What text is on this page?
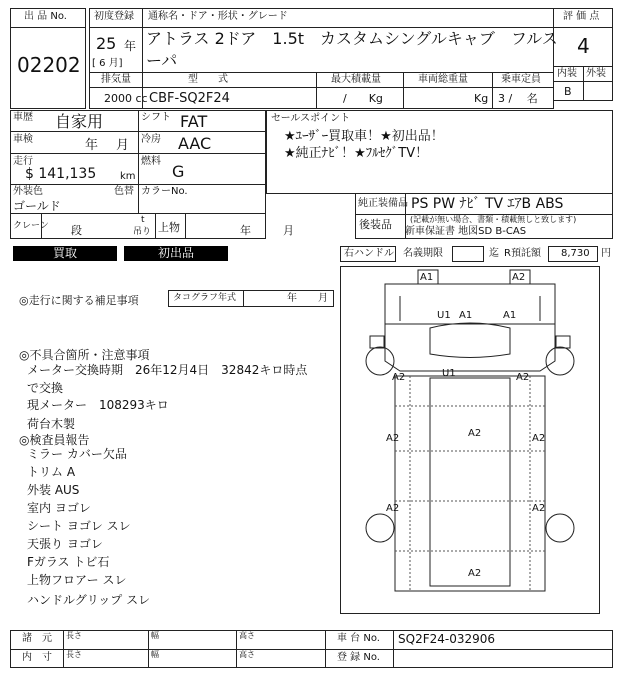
出 品 No.
02202
初度登録
25 年
[ 6 月]
通称名・ドア・形状・グレード
アトラス 2ドア　1.5t　カスタムシングルキャブ　フルス
ーパ
評 価 点
4
内装 外装
B
排気量
2000 cc
型　　式
CBF-SQ2F24
最大積載量
/　　Kg
車両総重量
Kg
乗車定員
3 /　 名
車歴 自家用	シフト FAT
車検	年 月 冷房 AAC
走行
$ 141,135 km
燃料
G
外装色
ゴールド
色替 カラーNo.
クレーン 段
t
吊り 上物	年	月
セールスポイント
★ﾕｰｻﾞｰ買取車！★初出品！
★純正ﾅﾋﾞ！★ﾌﾙｾｸﾞTV！
純正装備品 PS PW ﾅﾋﾞ TV ｴｱB ABS
後装品 (記載が無い場合、書類・積載無しと致します)
新車保証書 地図SD B-CAS
買取	初出品	右ハンドル 名義期限	迄 R預託額 8,730 円
◎走行に関する補足事項	タコグラフ年式	年 月
◎不具合箇所・注意事項
メーター交換時期　26年12月4日　32842キロ時点
で交換
現メーター　108293キロ
荷台木製
◎検査員報告
ミラー カバー欠品
トリム A
外装 AUS
室内 ヨゴレ
シート ヨゴレ スレ
天張り ヨゴレ
Fガラス トビ石
上物フロアー スレ
ハンドルグリップ スレ
A1	A2
U1 A1	A1
A2	U1	A2
A2	A2	A2
A2	A2
A2
諸　元
内　寸
長さ	幅	高さ
長さ	幅	高さ
車 台 No. SQ2F24-032906
登 録 No.
